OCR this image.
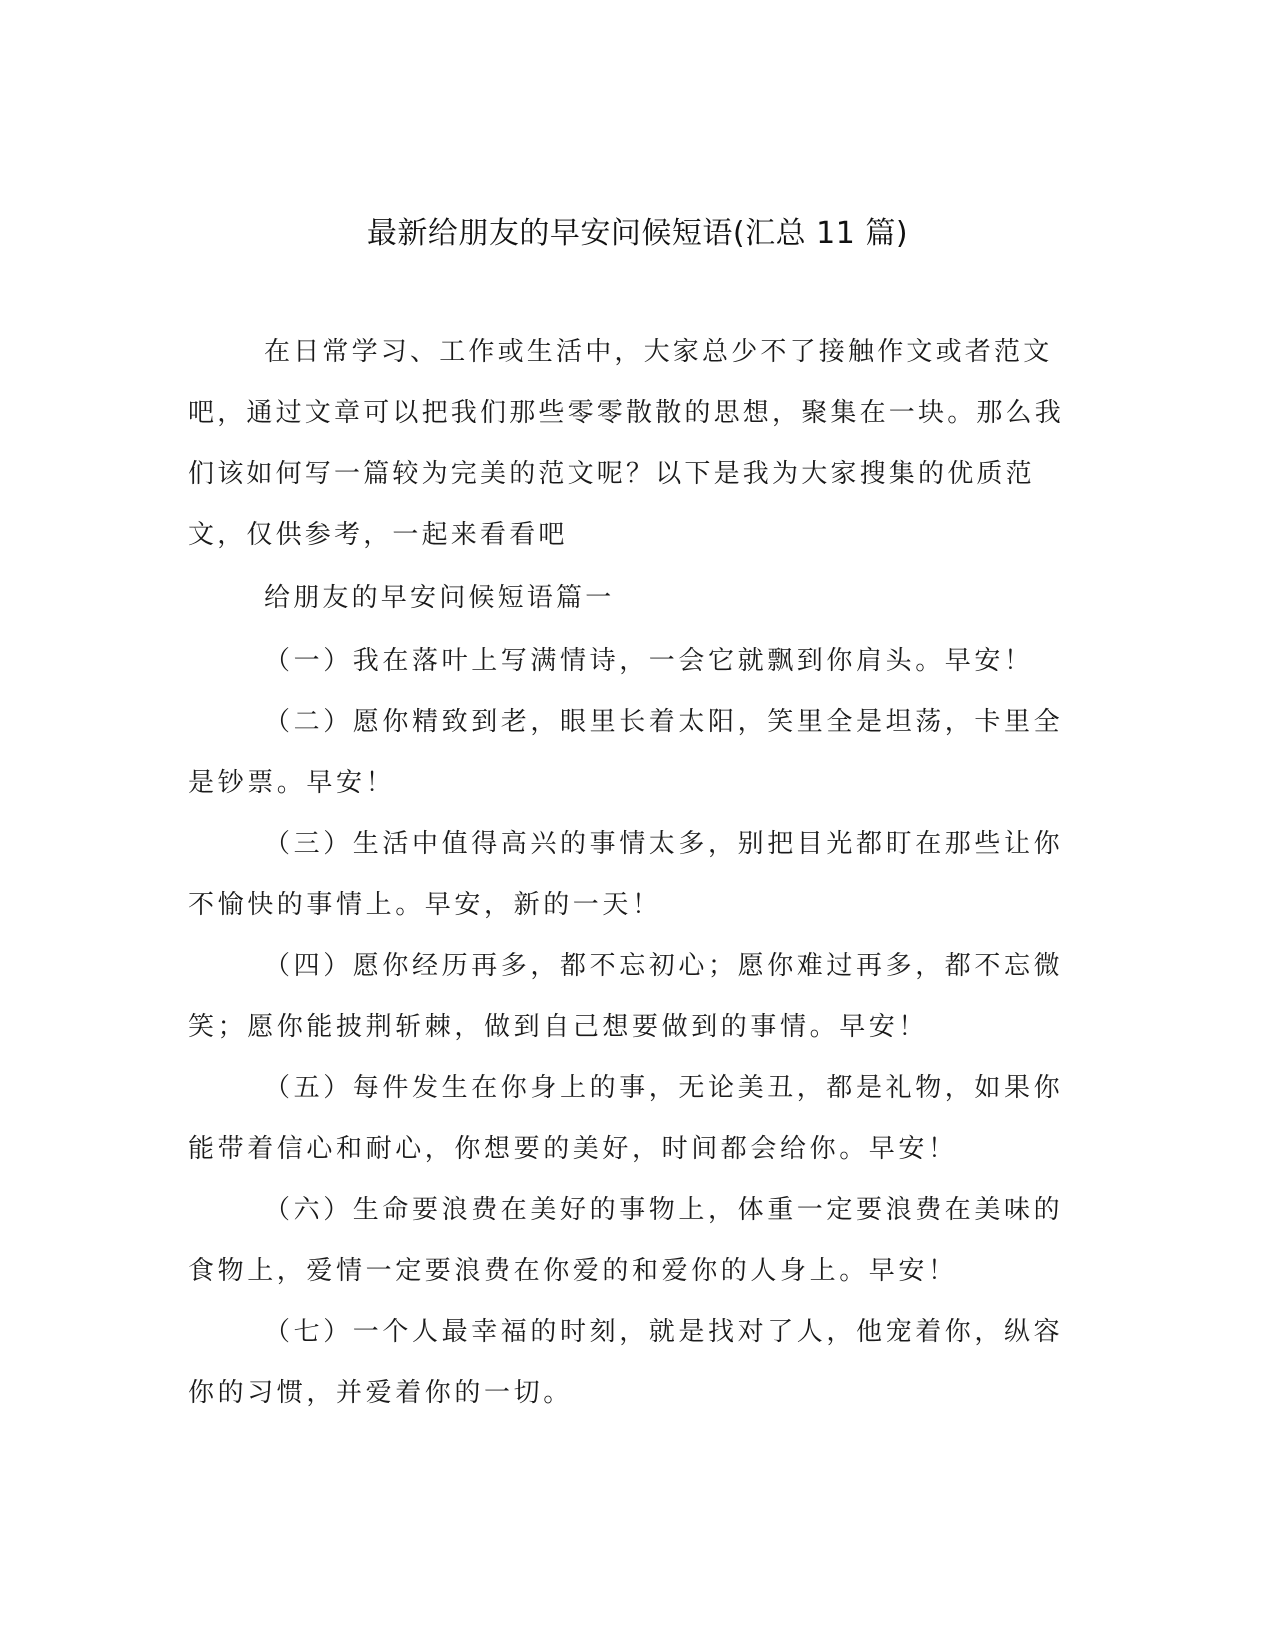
最新给朋友的早安问候短语(汇总 11 篇)

在日常学习、工作或生活中，大家总少不了接触作文或者范文吧，通过文章可以把我们那些零零散散的思想，聚集在一块。那么我们该如何写一篇较为完美的范文呢？以下是我为大家搜集的优质范文，仅供参考，一起来看看吧

给朋友的早安问候短语篇一

（一）我在落叶上写满情诗，一会它就飘到你肩头。早安！

（二）愿你精致到老，眼里长着太阳，笑里全是坦荡，卡里全是钞票。早安！

（三）生活中值得高兴的事情太多，别把目光都盯在那些让你不愉快的事情上。早安，新的一天！

（四）愿你经历再多，都不忘初心；愿你难过再多，都不忘微笑；愿你能披荆斩棘，做到自己想要做到的事情。早安！

（五）每件发生在你身上的事，无论美丑，都是礼物，如果你能带着信心和耐心，你想要的美好，时间都会给你。早安！

（六）生命要浪费在美好的事物上，体重一定要浪费在美味的食物上，爱情一定要浪费在你爱的和爱你的人身上。早安！

（七）一个人最幸福的时刻，就是找对了人，他宠着你，纵容你的习惯，并爱着你的一切。
